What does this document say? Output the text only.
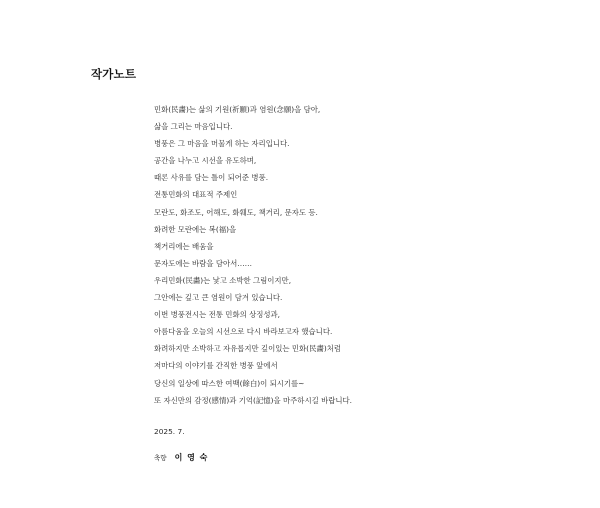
작가노트
민화(民畵)는 삶의 기원(祈願)과 염원(念願)을 담아,
삶을 그리는 마음입니다.
병풍은 그 마음을 머물게 하는 자리입니다.
공간을 나누고 시선을 유도하며,
때론 사유를 담는 틀이 되어준 병풍.
전통민화의 대표적 주제인
모란도, 화조도, 어해도, 화훼도, 책거리, 문자도 등.
화려한 모란에는 복(福)을
책거리에는 배움을
문자도에는 바람을 담아서……
우리민화(民畵)는 낯고 소박한 그림이지만,
그안에는 깊고 큰 염원이 담겨 있습니다.
이번 병풍전시는 전통 민화의 상징성과,
아름다움을 오늘의 시선으로 다시 바라보고자 했습니다.
화려하지만 소박하고 자유롭지만 깊이있는 민화(民畵)처럼
저마다의 이야기를 간직한 병풍 앞에서
당신의 일상에 따스한 여백(餘白)이 되시기를~
또 자신만의 감정(感情)과 기억(記憶)을 마주하시길 바랍니다.

2025. 7.

축향 이 영 숙
